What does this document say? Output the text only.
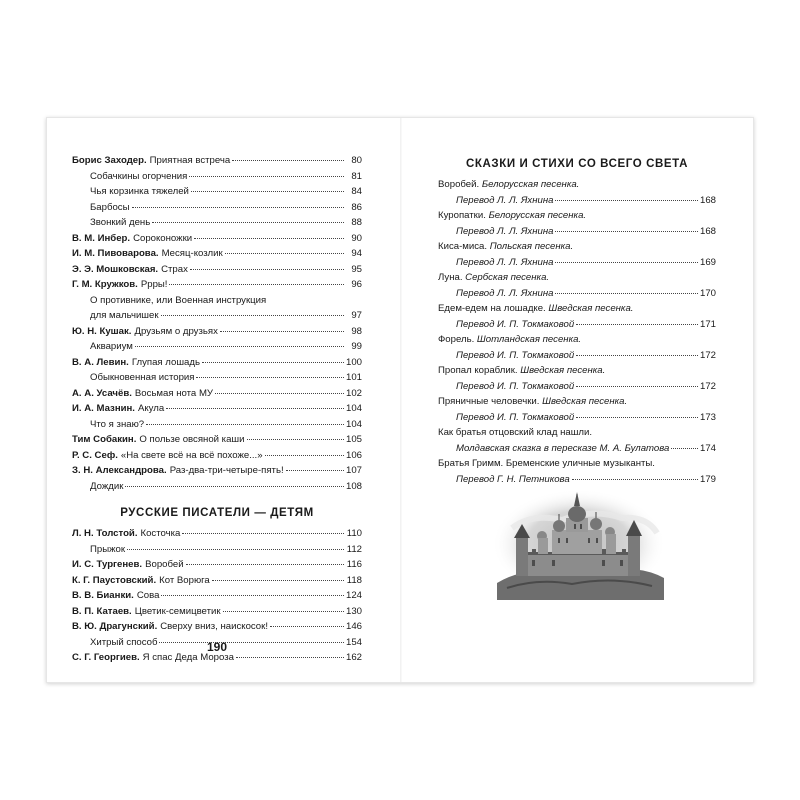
Борис Заходер. Приятная встреча	80
Собачкины огорчения	81
Чья корзинка тяжелей	84
Барбосы	86
Звонкий день	88
В. М. Инбер. Сороконожки	90
И. М. Пивоварова. Месяц-козлик	94
Э. Э. Мошковская. Страх	95
Г. М. Кружков. Ррры!	96
О противнике, или Военная инструкция
для мальчишек	97
Ю. Н. Кушак. Друзьям о друзьях	98
Аквариум	99
В. А. Левин. Глупая лошадь	100
Обыкновенная история	101
А. А. Усачёв. Восьмая нота МУ	102
И. А. Мазнин. Акула	104
Что я знаю?	104
Тим Собакин. О пользе овсяной каши	105
Р. С. Сеф. «На свете всё на всё похоже...»	106
З. Н. Александрова. Раз-два-три-четыре-пять!	107
Дождик	108
РУССКИЕ ПИСАТЕЛИ — ДЕТЯМ
Л. Н. Толстой. Косточка	110
Прыжок	112
И. С. Тургенев. Воробей	116
К. Г. Паустовский. Кот Ворюга	118
В. В. Бианки. Сова	124
В. П. Катаев. Цветик-семицветик	130
В. Ю. Драгунский. Сверху вниз, наискосок!	146
Хитрый способ	154
С. Г. Георгиев. Я спас Деда Мороза	162
190
СКАЗКИ И СТИХИ СО ВСЕГО СВЕТА
Воробей. Белорусская песенка.
Перевод Л. Л. Яхнина	168
Куропатки. Белорусская песенка.
Перевод Л. Л. Яхнина	168
Киса-миса. Польская песенка.
Перевод Л. Л. Яхнина	169
Луна. Сербская песенка.
Перевод Л. Л. Яхнина	170
Едем-едем на лошадке. Шведская песенка.
Перевод И. П. Токмаковой	171
Форель. Шотландская песенка.
Перевод И. П. Токмаковой	172
Пропал кораблик. Шведская песенка.
Перевод И. П. Токмаковой	172
Пряничные человечки. Шведская песенка.
Перевод И. П. Токмаковой	173
Как братья отцовский клад нашли.
Молдавская сказка в пересказе М. А. Булатова	174
Братья Гримм. Бременские уличные музыканты.
Перевод Г. Н. Петникова	179
